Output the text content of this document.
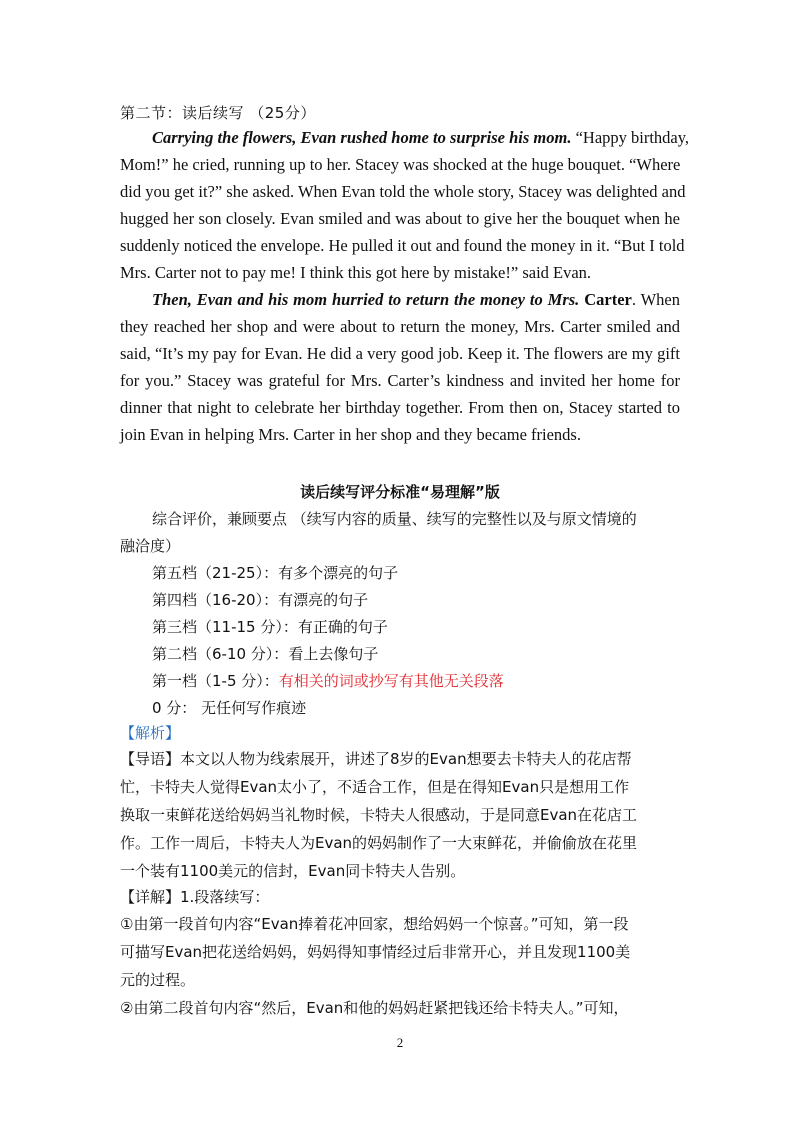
第二节：读后续写 （25分）
Carrying the flowers, Evan rushed home to surprise his mom. “Happy birthday,
Mom!” he cried, running up to her. Stacey was shocked at the huge bouquet. “Where
did you get it?” she asked. When Evan told the whole story, Stacey was delighted and
hugged her son closely. Evan smiled and was about to give her the bouquet when he
suddenly noticed the envelope. He pulled it out and found the money in it. “But I told
Mrs. Carter not to pay me! I think this got here by mistake!” said Evan.
Then, Evan and his mom hurried to return the money to Mrs. Carter. When
they reached her shop and were about to return the money, Mrs. Carter smiled and
said, “It’s my pay for Evan. He did a very good job. Keep it. The flowers are my gift
for you.” Stacey was grateful for Mrs. Carter’s kindness and invited her home for
dinner that night to celebrate her birthday together. From then on, Stacey started to
join Evan in helping Mrs. Carter in her shop and they became friends.
读后续写评分标准“易理解”版
综合评价，兼顾要点 （续写内容的质量、续写的完整性以及与原文情境的
融洽度）
第五档（21-25）：有多个漂亮的句子
第四档（16-20）：有漂亮的句子
第三档（11-15 分）：有正确的句子
第二档（6-10 分）：看上去像句子
第一档（1-5 分）：有相关的词或抄写有其他无关段落
0 分： 无任何写作痕迹
【解析】
【导语】本文以人物为线索展开，讲述了8岁的Evan想要去卡特夫人的花店帮
忙，卡特夫人觉得Evan太小了，不适合工作，但是在得知Evan只是想用工作
换取一束鲜花送给妈妈当礼物时候，卡特夫人很感动，于是同意Evan在花店工
作。工作一周后，卡特夫人为Evan的妈妈制作了一大束鲜花，并偷偷放在花里
一个装有1100美元的信封，Evan同卡特夫人告别。
【详解】1.段落续写：
①由第一段首句内容“Evan捧着花冲回家，想给妈妈一个惊喜。”可知，第一段
可描写Evan把花送给妈妈，妈妈得知事情经过后非常开心，并且发现1100美
元的过程。
②由第二段首句内容“然后，Evan和他的妈妈赶紧把钱还给卡特夫人。”可知，
2
